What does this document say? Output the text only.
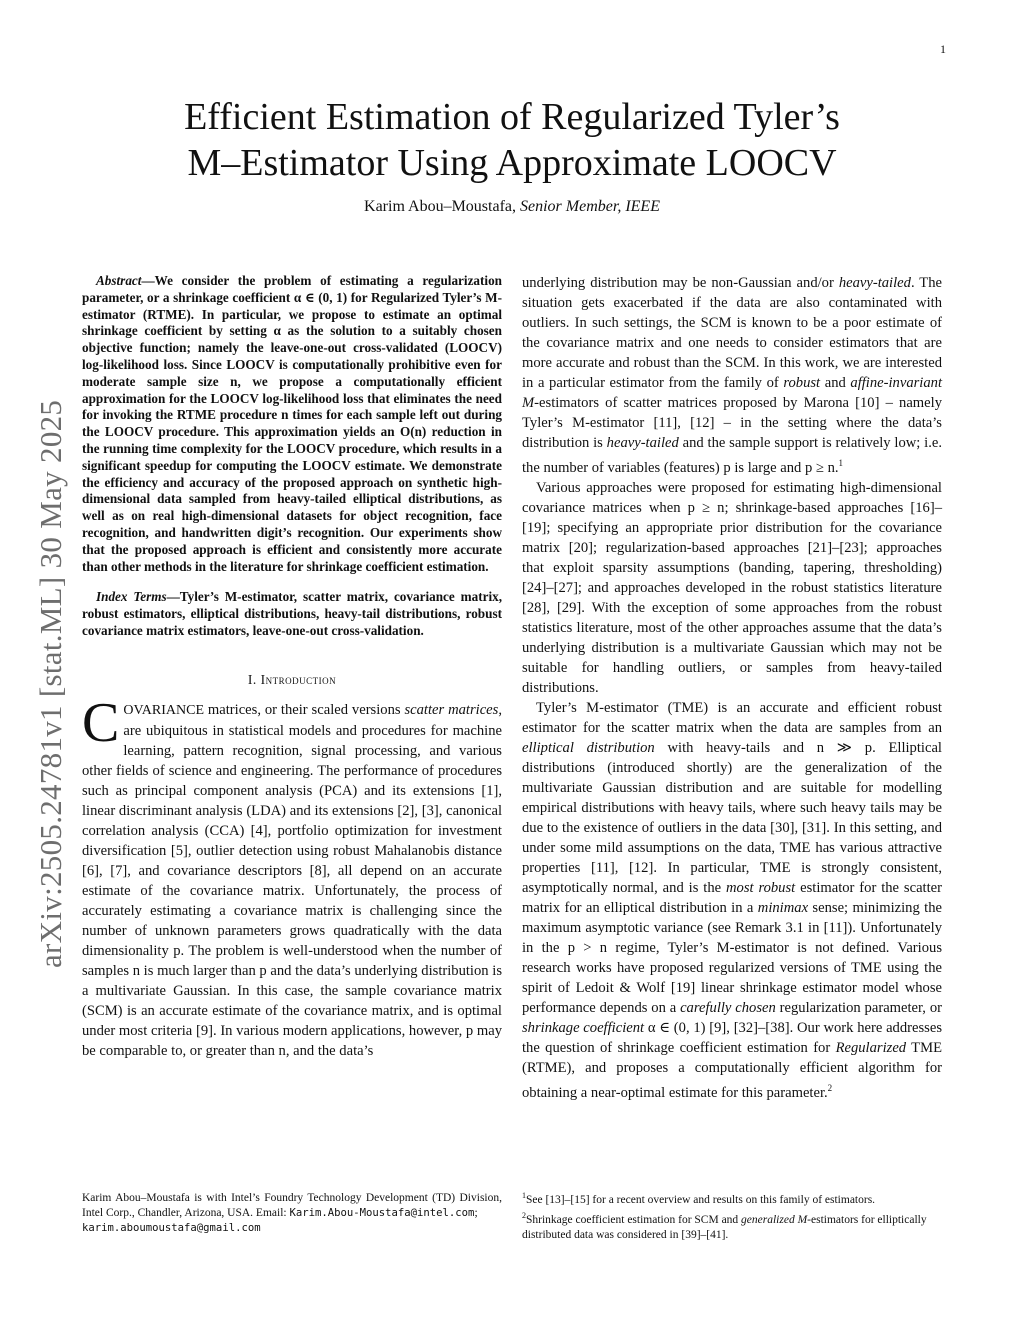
1
arXiv:2505.24781v1 [stat.ML] 30 May 2025
Efficient Estimation of Regularized Tyler’s
M–Estimator Using Approximate LOOCV
Karim Abou–Moustafa, Senior Member, IEEE

Abstract—We consider the problem of estimating a regularization parameter, or a shrinkage coefficient α ∈ (0, 1) for Regularized Tyler’s M-estimator (RTME). In particular, we propose to estimate an optimal shrinkage coefficient by setting α as the solution to a suitably chosen objective function; namely the leave-one-out cross-validated (LOOCV) log-likelihood loss. Since LOOCV is computationally prohibitive even for moderate sample size n, we propose a computationally efficient approximation for the LOOCV log-likelihood loss that eliminates the need for invoking the RTME procedure n times for each sample left out during the LOOCV procedure. This approximation yields an O(n) reduction in the running time complexity for the LOOCV procedure, which results in a significant speedup for computing the LOOCV estimate. We demonstrate the efficiency and accuracy of the proposed approach on synthetic high-dimensional data sampled from heavy-tailed elliptical distributions, as well as on real high-dimensional datasets for object recognition, face recognition, and handwritten digit’s recognition. Our experiments show that the proposed approach is efficient and consistently more accurate than other methods in the literature for shrinkage coefficient estimation.

Index Terms—Tyler’s M-estimator, scatter matrix, covariance matrix, robust estimators, elliptical distributions, heavy-tail distributions, robust covariance matrix estimators, leave-one-out cross-validation.

I. Introduction

COVARIANCE matrices, or their scaled versions scatter matrices, are ubiquitous in statistical models and procedures for machine learning, pattern recognition, signal processing, and various other fields of science and engineering. The performance of procedures such as principal component analysis (PCA) and its extensions [1], linear discriminant analysis (LDA) and its extensions [2], [3], canonical correlation analysis (CCA) [4], portfolio optimization for investment diversification [5], outlier detection using robust Mahalanobis distance [6], [7], and covariance descriptors [8], all depend on an accurate estimate of the covariance matrix. Unfortunately, the process of accurately estimating a covariance matrix is challenging since the number of unknown parameters grows quadratically with the data dimensionality p. The problem is well-understood when the number of samples n is much larger than p and the data’s underlying distribution is a multivariate Gaussian. In this case, the sample covariance matrix (SCM) is an accurate estimate of the covariance matrix, and is optimal under most criteria [9]. In various modern applications, however, p may be comparable to, or greater than n, and the data’s

underlying distribution may be non-Gaussian and/or heavy-tailed. The situation gets exacerbated if the data are also contaminated with outliers. In such settings, the SCM is known to be a poor estimate of the covariance matrix and one needs to consider estimators that are more accurate and robust than the SCM. In this work, we are interested in a particular estimator from the family of robust and affine-invariant M-estimators of scatter matrices proposed by Marona [10] – namely Tyler’s M-estimator [11], [12] – in the setting where the data’s distribution is heavy-tailed and the sample support is relatively low; i.e. the number of variables (features) p is large and p ≥ n.$^1$

Various approaches were proposed for estimating high-dimensional covariance matrices when p ≥ n; shrinkage-based approaches [16]–[19]; specifying an appropriate prior distribution for the covariance matrix [20]; regularization-based approaches [21]–[23]; approaches that exploit sparsity assumptions (banding, tapering, thresholding) [24]–[27]; and approaches developed in the robust statistics literature [28], [29]. With the exception of some approaches from the robust statistics literature, most of the other approaches assume that the data’s underlying distribution is a multivariate Gaussian which may not be suitable for handling outliers, or samples from heavy-tailed distributions.

Tyler’s M-estimator (TME) is an accurate and efficient robust estimator for the scatter matrix when the data are samples from an elliptical distribution with heavy-tails and n ≫ p. Elliptical distributions (introduced shortly) are the generalization of the multivariate Gaussian distribution and are suitable for modelling empirical distributions with heavy tails, where such heavy tails may be due to the existence of outliers in the data [30], [31]. In this setting, and under some mild assumptions on the data, TME has various attractive properties [11], [12]. In particular, TME is strongly consistent, asymptotically normal, and is the most robust estimator for the scatter matrix for an elliptical distribution in a minimax sense; minimizing the maximum asymptotic variance (see Remark 3.1 in [11]). Unfortunately in the p > n regime, Tyler’s M-estimator is not defined. Various research works have proposed regularized versions of TME using the spirit of Ledoit & Wolf [19] linear shrinkage estimator model whose performance depends on a carefully chosen regularization parameter, or shrinkage coefficient α ∈ (0, 1) [9], [32]–[38]. Our work here addresses the question of shrinkage coefficient estimation for Regularized TME (RTME), and proposes a computationally efficient algorithm for obtaining a near-optimal estimate for this parameter.$^2$

Karim Abou–Moustafa is with Intel’s Foundry Technology Development (TD) Division, Intel Corp., Chandler, Arizona, USA. Email: Karim.Abou-Moustafa@intel.com;
karim.aboumoustafa@gmail.com

$^1$See [13]–[15] for a recent overview and results on this family of estimators.

$^2$Shrinkage coefficient estimation for SCM and generalized M-estimators for elliptically distributed data was considered in [39]–[41].
